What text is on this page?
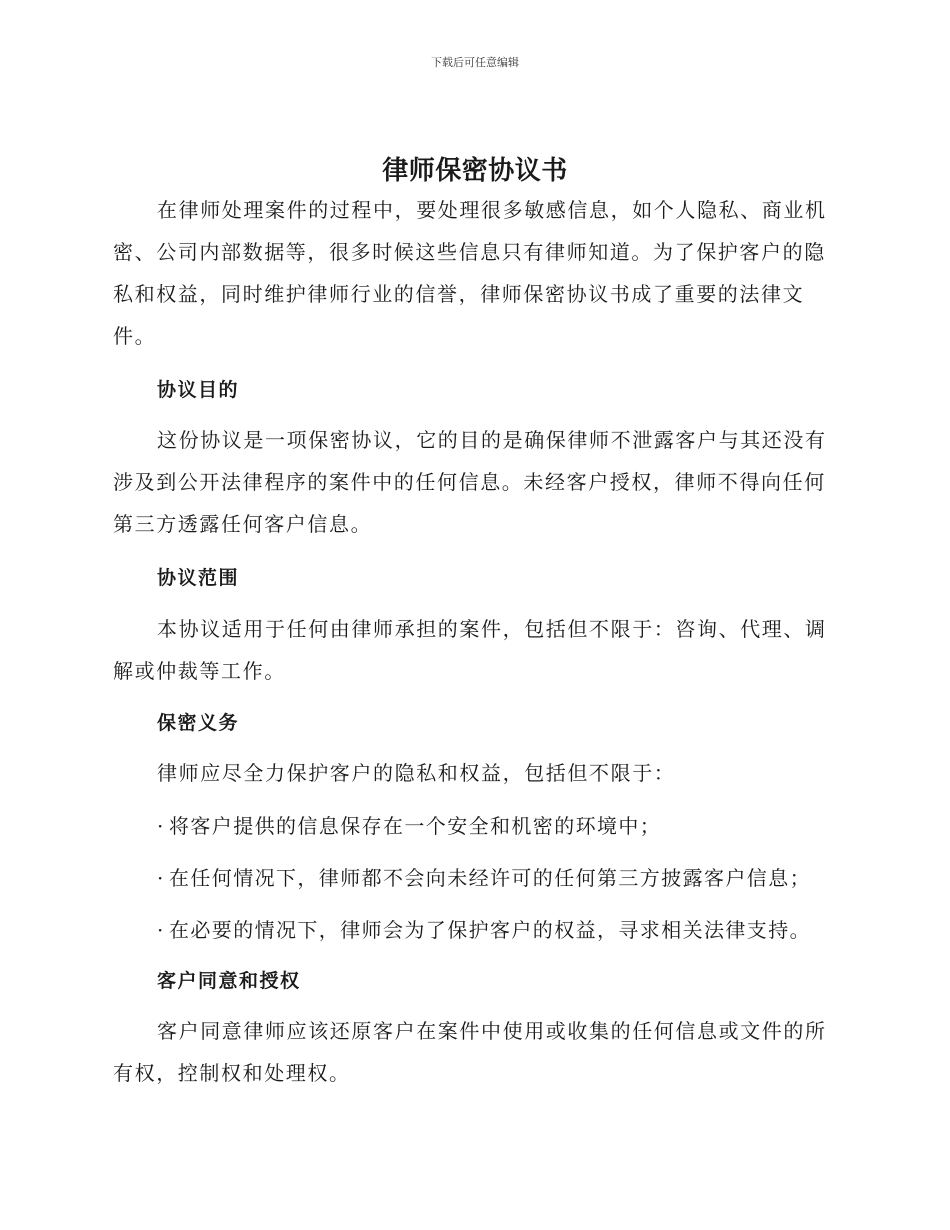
下载后可任意编辑
律师保密协议书

在律师处理案件的过程中，要处理很多敏感信息，如个人隐私、商业机密、公司内部数据等，很多时候这些信息只有律师知道。为了保护客户的隐私和权益，同时维护律师行业的信誉，律师保密协议书成了重要的法律文件。

协议目的

这份协议是一项保密协议，它的目的是确保律师不泄露客户与其还没有涉及到公开法律程序的案件中的任何信息。未经客户授权，律师不得向任何第三方透露任何客户信息。

协议范围

本协议适用于任何由律师承担的案件，包括但不限于：咨询、代理、调解或仲裁等工作。

保密义务

律师应尽全力保护客户的隐私和权益，包括但不限于：

· 将客户提供的信息保存在一个安全和机密的环境中；
· 在任何情况下，律师都不会向未经许可的任何第三方披露客户信息；
· 在必要的情况下，律师会为了保护客户的权益，寻求相关法律支持。
客户同意和授权

客户同意律师应该还原客户在案件中使用或收集的任何信息或文件的所有权，控制权和处理权。
